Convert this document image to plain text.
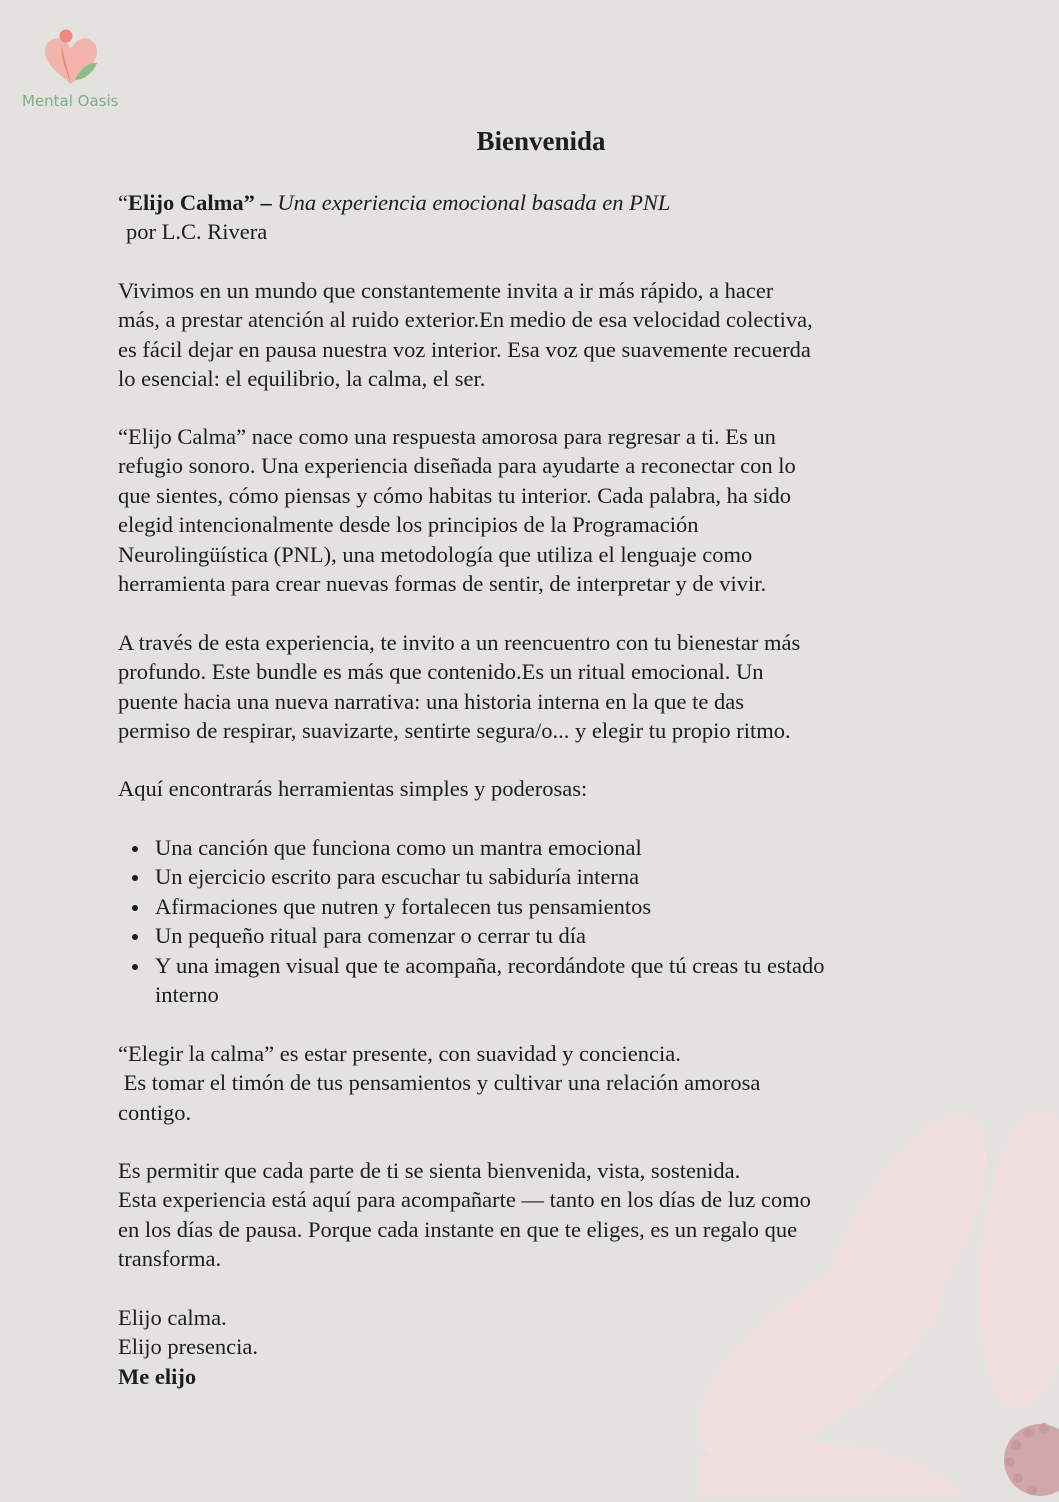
Mental Oasis
Bienvenida
“Elijo Calma” – Una experiencia emocional basada en PNL
por L.C. Rivera

Vivimos en un mundo que constantemente invita a ir más rápido, a hacer
más, a prestar atención al ruido exterior.En medio de esa velocidad colectiva,
es fácil dejar en pausa nuestra voz interior. Esa voz que suavemente recuerda
lo esencial: el equilibrio, la calma, el ser.

“Elijo Calma” nace como una respuesta amorosa para regresar a ti. Es un
refugio sonoro. Una experiencia diseñada para ayudarte a reconectar con lo
que sientes, cómo piensas y cómo habitas tu interior. Cada palabra, ha sido
elegid intencionalmente desde los principios de la Programación
Neurolingüística (PNL), una metodología que utiliza el lenguaje como
herramienta para crear nuevas formas de sentir, de interpretar y de vivir.

A través de esta experiencia, te invito a un reencuentro con tu bienestar más
profundo. Este bundle es más que contenido.Es un ritual emocional. Un
puente hacia una nueva narrativa: una historia interna en la que te das
permiso de respirar, suavizarte, sentirte segura/o... y elegir tu propio ritmo.

Aquí encontrarás herramientas simples y poderosas:

Una canción que funciona como un mantra emocional
Un ejercicio escrito para escuchar tu sabiduría interna
Afirmaciones que nutren y fortalecen tus pensamientos
Un pequeño ritual para comenzar o cerrar tu día
Y una imagen visual que te acompaña, recordándote que tú creas tu estado
interno

“Elegir la calma” es estar presente, con suavidad y conciencia.
Es tomar el timón de tus pensamientos y cultivar una relación amorosa
contigo.

Es permitir que cada parte de ti se sienta bienvenida, vista, sostenida.
Esta experiencia está aquí para acompañarte — tanto en los días de luz como
en los días de pausa. Porque cada instante en que te eliges, es un regalo que
transforma.

Elijo calma.
Elijo presencia.
Me elijo
